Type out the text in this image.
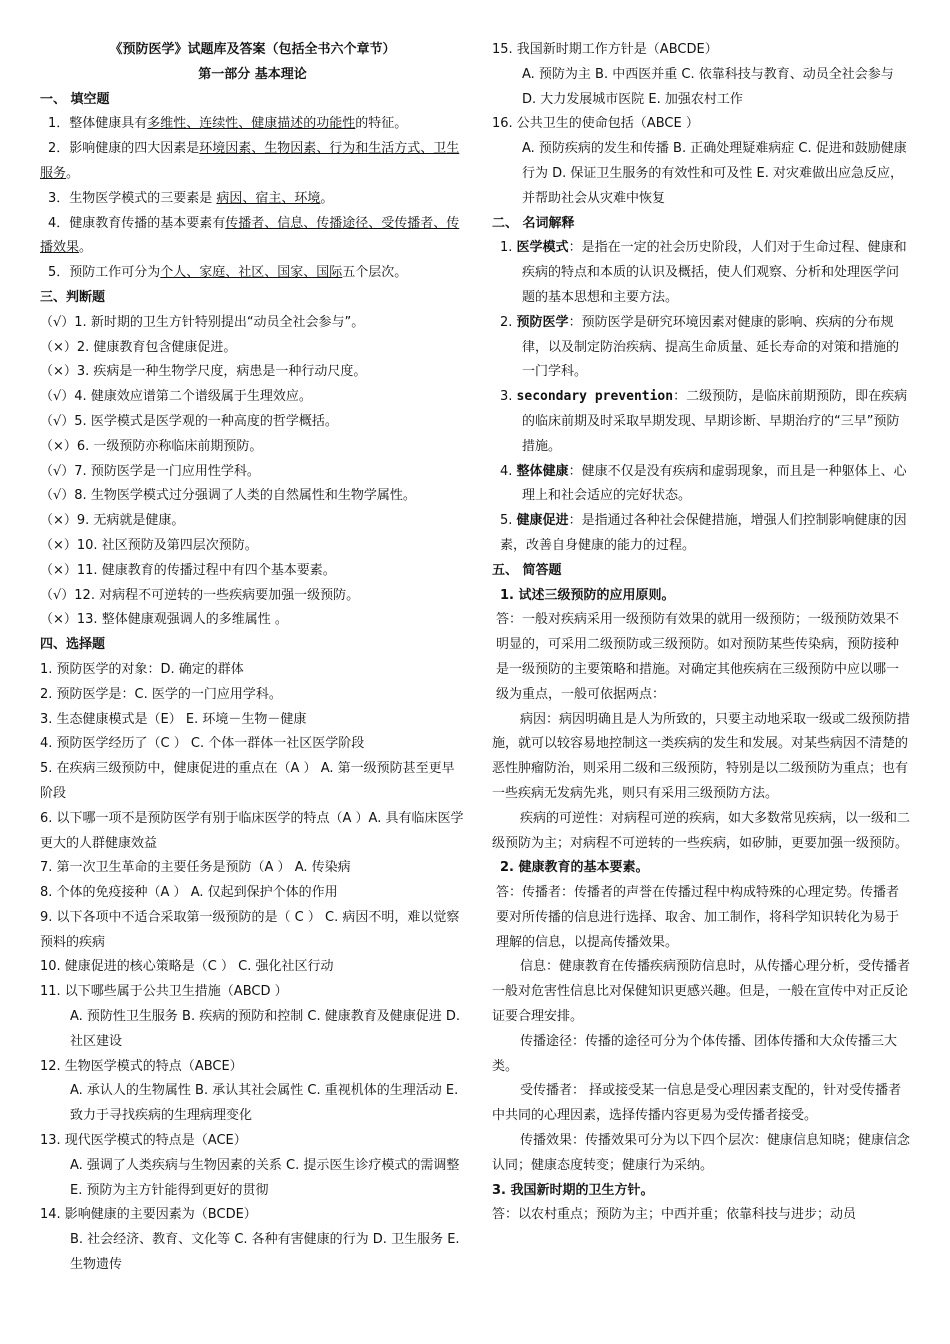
《预防医学》试题库及答案（包括全书六个章节）

第一部分 基本理论

一、 填空题

1．整体健康具有多维性、连续性、健康描述的功能性的特征。

2．影响健康的四大因素是环境因素、生物因素、行为和生活方式、卫生服务。

3．生物医学模式的三要素是 病因、宿主、环境。

4．健康教育传播的基本要素有传播者、信息、传播途径、受传播者、传播效果。

5．预防工作可分为个人、家庭、社区、国家、国际五个层次。

三、判断题

（√）1. 新时期的卫生方针特别提出“动员全社会参与”。

（×）2. 健康教育包含健康促进。

（×）3. 疾病是一种生物学尺度，病患是一种行动尺度。

（√）4. 健康效应谱第二个谱级属于生理效应。

（√）5. 医学模式是医学观的一种高度的哲学概括。

（×）6. 一级预防亦称临床前期预防。

（√）7. 预防医学是一门应用性学科。

（√）8. 生物医学模式过分强调了人类的自然属性和生物学属性。

（×）9. 无病就是健康。

（×）10. 社区预防及第四层次预防。

（×）11. 健康教育的传播过程中有四个基本要素。

（√）12. 对病程不可逆转的一些疾病要加强一级预防。

（×）13. 整体健康观强调人的多维属性 。

四、选择题

1. 预防医学的对象：D. 确定的群体

2. 预防医学是：C. 医学的一门应用学科。

3. 生态健康模式是（E） E. 环境－生物－健康

4. 预防医学经历了（C ） C. 个体一群体一社区医学阶段

5. 在疾病三级预防中，健康促进的重点在（A ） A. 第一级预防甚至更早阶段

6. 以下哪一项不是预防医学有别于临床医学的特点（A ）A. 具有临床医学更大的人群健康效益

7. 第一次卫生革命的主要任务是预防（A ） A. 传染病

8. 个体的免疫接种（A ） A. 仅起到保护个体的作用

9. 以下各项中不适合采取第一级预防的是（ C ） C. 病因不明，难以觉察预料的疾病

10. 健康促进的核心策略是（C ） C. 强化社区行动

11. 以下哪些属于公共卫生措施（ABCD ）

A. 预防性卫生服务 B. 疾病的预防和控制 C. 健康教育及健康促进 D. 社区建设

12. 生物医学模式的特点（ABCE）

A. 承认人的生物属性 B. 承认其社会属性 C. 重视机体的生理活动 E. 致力于寻找疾病的生理病理变化

13. 现代医学模式的特点是（ACE）

A. 强调了人类疾病与生物因素的关系 C. 提示医生诊疗模式的需调整 E. 预防为主方针能得到更好的贯彻

14. 影响健康的主要因素为（BCDE）

B. 社会经济、教育、文化等 C. 各种有害健康的行为 D. 卫生服务 E. 生物遗传

15. 我国新时期工作方针是（ABCDE）

A. 预防为主 B. 中西医并重 C. 依靠科技与教育、动员全社会参与 D. 大力发展城市医院 E. 加强农村工作

16. 公共卫生的使命包括（ABCE ）

A. 预防疾病的发生和传播 B. 正确处理疑难病症 C. 促进和鼓励健康行为 D. 保证卫生服务的有效性和可及性 E. 对灾难做出应急反应，并帮助社会从灾难中恢复

二、 名词解释

1. 医学模式：是指在一定的社会历史阶段，人们对于生命过程、健康和疾病的特点和本质的认识及概括，使人们观察、分析和处理医学问题的基本思想和主要方法。

2. 预防医学：预防医学是研究环境因素对健康的影响、疾病的分布规律，以及制定防治疾病、提高生命质量、延长寿命的对策和措施的一门学科。

3. secondary prevention：二级预防，是临床前期预防，即在疾病的临床前期及时采取早期发现、早期诊断、早期治疗的“三早”预防措施。

4. 整体健康：健康不仅是没有疾病和虚弱现象，而且是一种躯体上、心理上和社会适应的完好状态。

5. 健康促进：是指通过各种社会保健措施，增强人们控制影响健康的因素，改善自身健康的能力的过程。

五、 简答题

1. 试述三级预防的应用原则。

答：一般对疾病采用一级预防有效果的就用一级预防；一级预防效果不明显的，可采用二级预防或三级预防。如对预防某些传染病，预防接种是一级预防的主要策略和措施。对确定其他疾病在三级预防中应以哪一级为重点，一般可依据两点：

病因：病因明确且是人为所致的，只要主动地采取一级或二级预防措施，就可以较容易地控制这一类疾病的发生和发展。对某些病因不清楚的恶性肿瘤防治，则采用二级和三级预防，特别是以二级预防为重点；也有一些疾病无发病先兆，则只有采用三级预防方法。

疾病的可逆性：对病程可逆的疾病，如大多数常见疾病，以一级和二级预防为主；对病程不可逆转的一些疾病，如矽肺，更要加强一级预防。

2. 健康教育的基本要素。

答：传播者：传播者的声誉在传播过程中构成特殊的心理定势。传播者要对所传播的信息进行选择、取舍、加工制作，将科学知识转化为易于理解的信息，以提高传播效果。

信息：健康教育在传播疾病预防信息时，从传播心理分析，受传播者一般对危害性信息比对保健知识更感兴趣。但是，一般在宣传中对正反论证要合理安排。

传播途径：传播的途径可分为个体传播、团体传播和大众传播三大类。

受传播者： 择或接受某一信息是受心理因素支配的，针对受传播者中共同的心理因素，选择传播内容更易为受传播者接受。

传播效果：传播效果可分为以下四个层次：健康信息知晓；健康信念认同；健康态度转变；健康行为采纳。

3. 我国新时期的卫生方针。

答：以农村重点；预防为主；中西并重；依靠科技与进步；动员
